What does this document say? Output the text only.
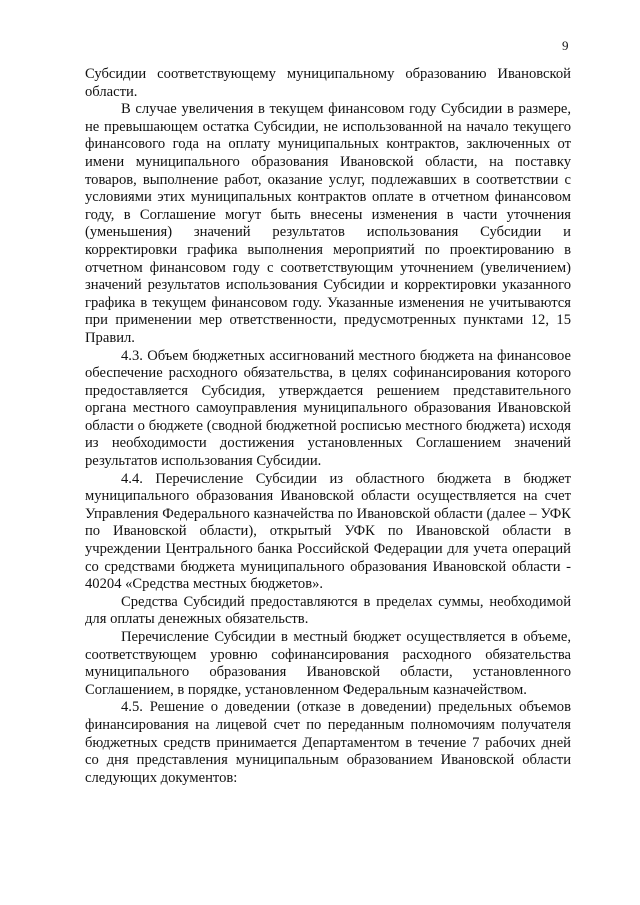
9

Субсидии соответствующему муниципальному образованию Ивановской области.

В случае увеличения в текущем финансовом году Субсидии в размере, не превышающем остатка Субсидии, не использованной на начало текущего финансового года на оплату муниципальных контрактов, заключенных от имени муниципального образования Ивановской области, на поставку товаров, выполнение работ, оказание услуг, подлежавших в соответствии с условиями этих муниципальных контрактов оплате в отчетном финансовом году, в Соглашение могут быть внесены изменения в части уточнения (уменьшения) значений результатов использования Субсидии и корректировки графика выполнения мероприятий по проектированию в отчетном финансовом году с соответствующим уточнением (увеличением) значений результатов использования Субсидии и корректировки указанного графика в текущем финансовом году. Указанные изменения не учитываются при применении мер ответственности, предусмотренных пунктами 12, 15 Правил.

4.3. Объем бюджетных ассигнований местного бюджета на финансовое обеспечение расходного обязательства, в целях софинансирования которого предоставляется Субсидия, утверждается решением представительного органа местного самоуправления муниципального образования Ивановской области о бюджете (сводной бюджетной росписью местного бюджета) исходя из необходимости достижения установленных Соглашением значений результатов использования Субсидии.

4.4. Перечисление Субсидии из областного бюджета в бюджет муниципального образования Ивановской области осуществляется на счет Управления Федерального казначейства по Ивановской области (далее – УФК по Ивановской области), открытый УФК по Ивановской области в учреждении Центрального банка Российской Федерации для учета операций со средствами бюджета муниципального образования Ивановской области - 40204 «Средства местных бюджетов».

Средства Субсидий предоставляются в пределах суммы, необходимой для оплаты денежных обязательств.

Перечисление Субсидии в местный бюджет осуществляется в объеме, соответствующем уровню софинансирования расходного обязательства муниципального образования Ивановской области, установленного Соглашением, в порядке, установленном Федеральным казначейством.

4.5. Решение о доведении (отказе в доведении) предельных объемов финансирования на лицевой счет по переданным полномочиям получателя бюджетных средств принимается Департаментом в течение 7 рабочих дней со дня представления муниципальным образованием Ивановской области следующих документов:
